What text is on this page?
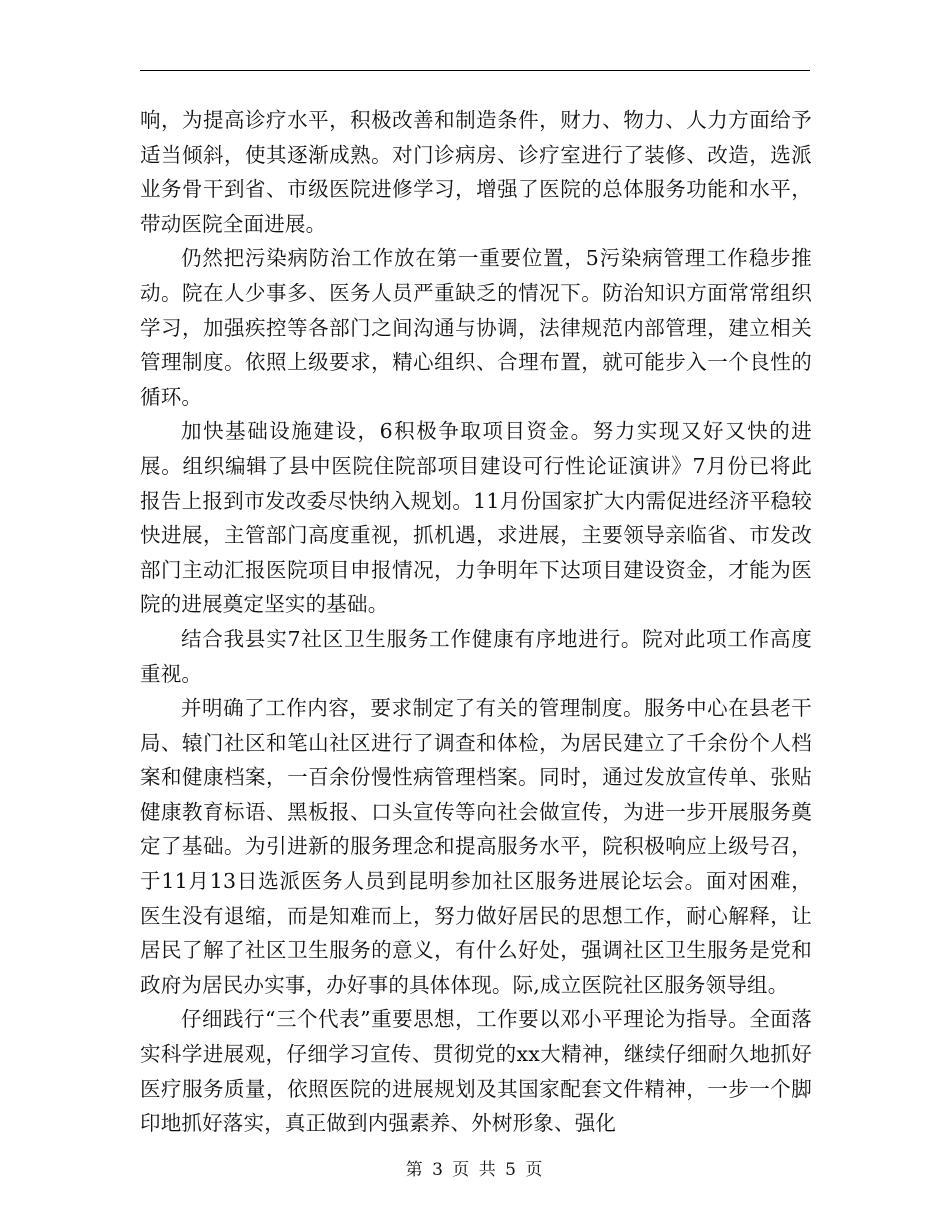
响，为提高诊疗水平，积极改善和制造条件，财力、物力、人力方面给予适当倾斜，使其逐渐成熟。对门诊病房、诊疗室进行了装修、改造，选派业务骨干到省、市级医院进修学习，增强了医院的总体服务功能和水平，带动医院全面进展。

仍然把污染病防治工作放在第一重要位置，5污染病管理工作稳步推动。院在人少事多、医务人员严重缺乏的情况下。防治知识方面常常组织学习，加强疾控等各部门之间沟通与协调，法律规范内部管理，建立相关管理制度。依照上级要求，精心组织、合理布置，就可能步入一个良性的循环。

加快基础设施建设，6积极争取项目资金。努力实现又好又快的进展。组织编辑了县中医院住院部项目建设可行性论证演讲》7月份已将此报告上报到市发改委尽快纳入规划。11月份国家扩大内需促进经济平稳较快进展，主管部门高度重视，抓机遇，求进展，主要领导亲临省、市发改部门主动汇报医院项目申报情况，力争明年下达项目建设资金，才能为医院的进展奠定坚实的基础。

结合我县实7社区卫生服务工作健康有序地进行。院对此项工作高度重视。

并明确了工作内容，要求制定了有关的管理制度。服务中心在县老干局、辕门社区和笔山社区进行了调查和体检，为居民建立了千余份个人档案和健康档案，一百余份慢性病管理档案。同时，通过发放宣传单、张贴健康教育标语、黑板报、口头宣传等向社会做宣传，为进一步开展服务奠定了基础。为引进新的服务理念和提高服务水平，院积极响应上级号召，于11月13日选派医务人员到昆明参加社区服务进展论坛会。面对困难，医生没有退缩，而是知难而上，努力做好居民的思想工作，耐心解释，让居民了解了社区卫生服务的意义，有什么好处，强调社区卫生服务是党和政府为居民办实事，办好事的具体体现。际,成立医院社区服务领导组。

仔细践行“三个代表”重要思想，工作要以邓小平理论为指导。全面落实科学进展观，仔细学习宣传、贯彻党的xx大精神，继续仔细耐久地抓好医疗服务质量，依照医院的进展规划及其国家配套文件精神，一步一个脚印地抓好落实，真正做到内强素养、外树形象、强化

第 3 页 共 5 页
